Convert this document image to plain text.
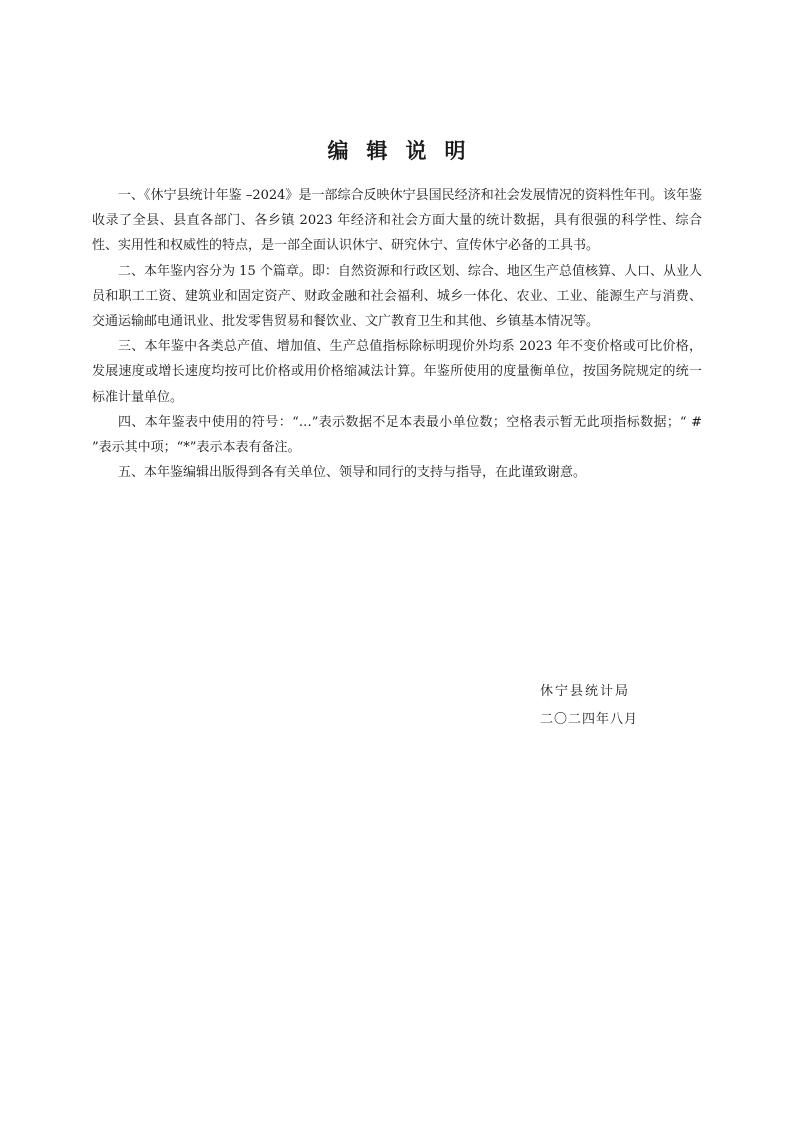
编辑说明

一、《休宁县统计年鉴 –2024》是一部综合反映休宁县国民经济和社会发展情况的资料性年刊。该年鉴收录了全县、县直各部门、各乡镇 2023 年经济和社会方面大量的统计数据，具有很强的科学性、综合性、实用性和权威性的特点，是一部全面认识休宁、研究休宁、宣传休宁必备的工具书。

二、本年鉴内容分为 15 个篇章。即：自然资源和行政区划、综合、地区生产总值核算、人口、从业人员和职工工资、建筑业和固定资产、财政金融和社会福利、城乡一体化、农业、工业、能源生产与消费、交通运输邮电通讯业、批发零售贸易和餐饮业、文广教育卫生和其他、乡镇基本情况等。

三、本年鉴中各类总产值、增加值、生产总值指标除标明现价外均系 2023 年不变价格或可比价格，发展速度或增长速度均按可比价格或用价格缩减法计算。年鉴所使用的度量衡单位，按国务院规定的统一标准计量单位。

四、本年鉴表中使用的符号：“…”表示数据不足本表最小单位数；空格表示暂无此项指标数据；“ # ”表示其中项；“*”表示本表有备注。

五、本年鉴编辑出版得到各有关单位、领导和同行的支持与指导，在此谨致谢意。

休宁县统计局
二〇二四年八月
